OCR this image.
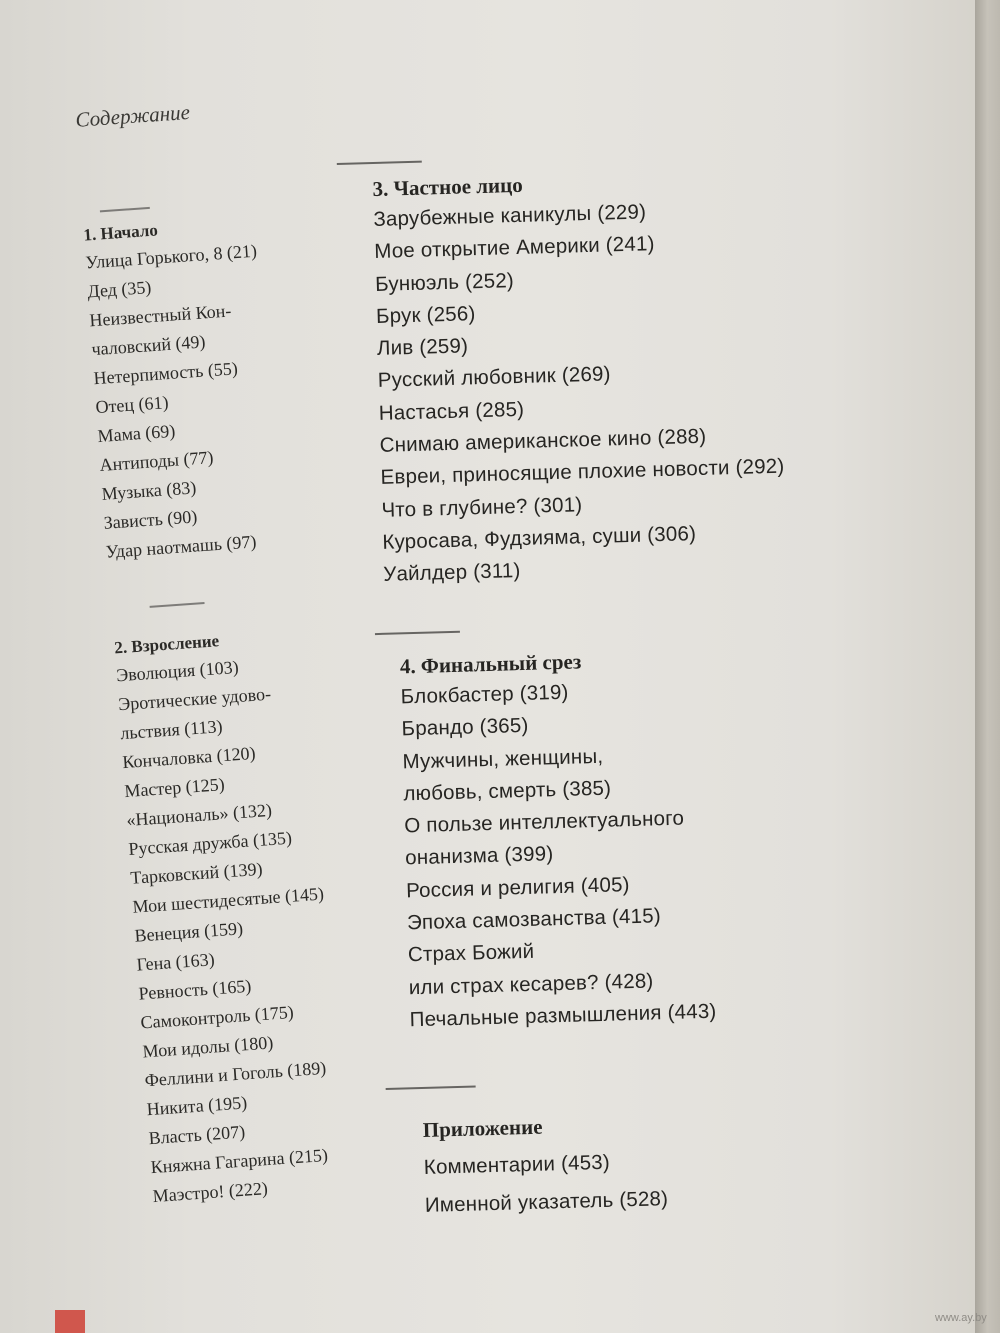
Содержание
1. Начало
Улица Горького, 8 (21)
Дед (35)
Неизвестный Кон-
чаловский (49)
Нетерпимость (55)
Отец (61)
Мама (69)
Антиподы (77)
Музыка (83)
Зависть (90)
Удар наотмашь (97)
2. Взросление
Эволюция (103)
Эротические удово-
льствия (113)
Кончаловка (120)
Мастер (125)
«Националь» (132)
Русская дружба (135)
Тарковский (139)
Мои шестидесятые (145)
Венеция (159)
Гена (163)
Ревность (165)
Самоконтроль (175)
Мои идолы (180)
Феллини и Гоголь (189)
Никита (195)
Власть (207)
Княжна Гагарина (215)
Маэстро! (222)
3. Частное лицо
Зарубежные каникулы (229)
Мое открытие Америки (241)
Бунюэль (252)
Брук (256)
Лив (259)
Русский любовник (269)
Настасья (285)
Снимаю американское кино (288)
Евреи, приносящие плохие новости (292)
Что в глубине? (301)
Куросава, Фудзияма, суши (306)
Уайлдер (311)
4. Финальный срез
Блокбастер (319)
Брандо (365)
Мужчины, женщины,
любовь, смерть (385)
О пользе интеллектуального
онанизма (399)
Россия и религия (405)
Эпоха самозванства (415)
Страх Божий
или страх кесарев? (428)
Печальные размышления (443)
Приложение
Комментарии (453)
Именной указатель (528)
www.ay.by
